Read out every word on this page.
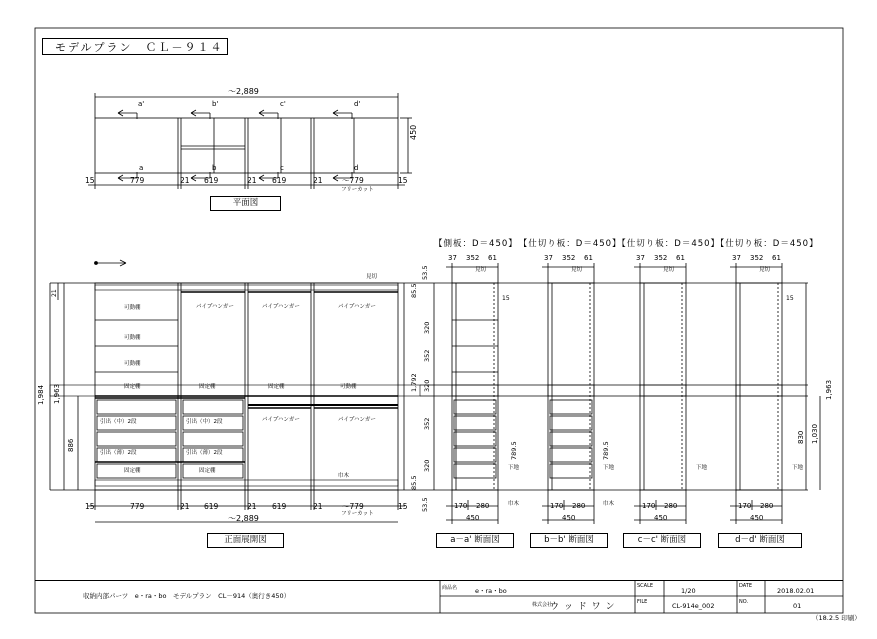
モデルプラン　ＣＬ－９１４
～2,889
a'	b'	c'	d'
a	b	c	d
450
15	779	21 619	21 619	21	～779	15
フリーカット
平面図
【側板：D＝450】　【仕切り板：D＝450】【仕切り板：D＝450】【仕切り板：D＝450】
21
1,984 1,963
886
可動棚
可動棚
可動棚
固定棚	固定棚	固定棚	可動棚
引出（中）2段	引出（中）2段
引出（薄）2段	引出（薄）2段
固定棚	固定棚
パイプハンガー	パイプハンガー	パイプハンガー
パイプハンガー	パイプハンガー
見切
巾木
15	779	21 619	21 619	21	～779	15
フリーカット
～2,889
正面展開図
1,963
1,030
830
37 352 61	37 352 61	37 352 61	37 352 61
53.5
85.5
320
352
1,792 320
352
320
85.5
53.5
789.5	789.5
見切	見切	見切	見切
15	15
下地	下地	下地	下地
巾木	巾木
170 280
450
170 280
450
170 280
450
170 280
450
a－a' 断面図	b－b' 断面図	c－c' 断面図	d－d' 断面図
収納内部パーツ　e・ra・bo　モデルプラン　CL－914（奥行き450）
商品名	e・ra・bo
株式会社
ウ ッ ド ワ ン
SCALE
1/20
FILE	CL-914e_002
DATE
2018.02.01
NO.	01
（18.2.5 印刷）
